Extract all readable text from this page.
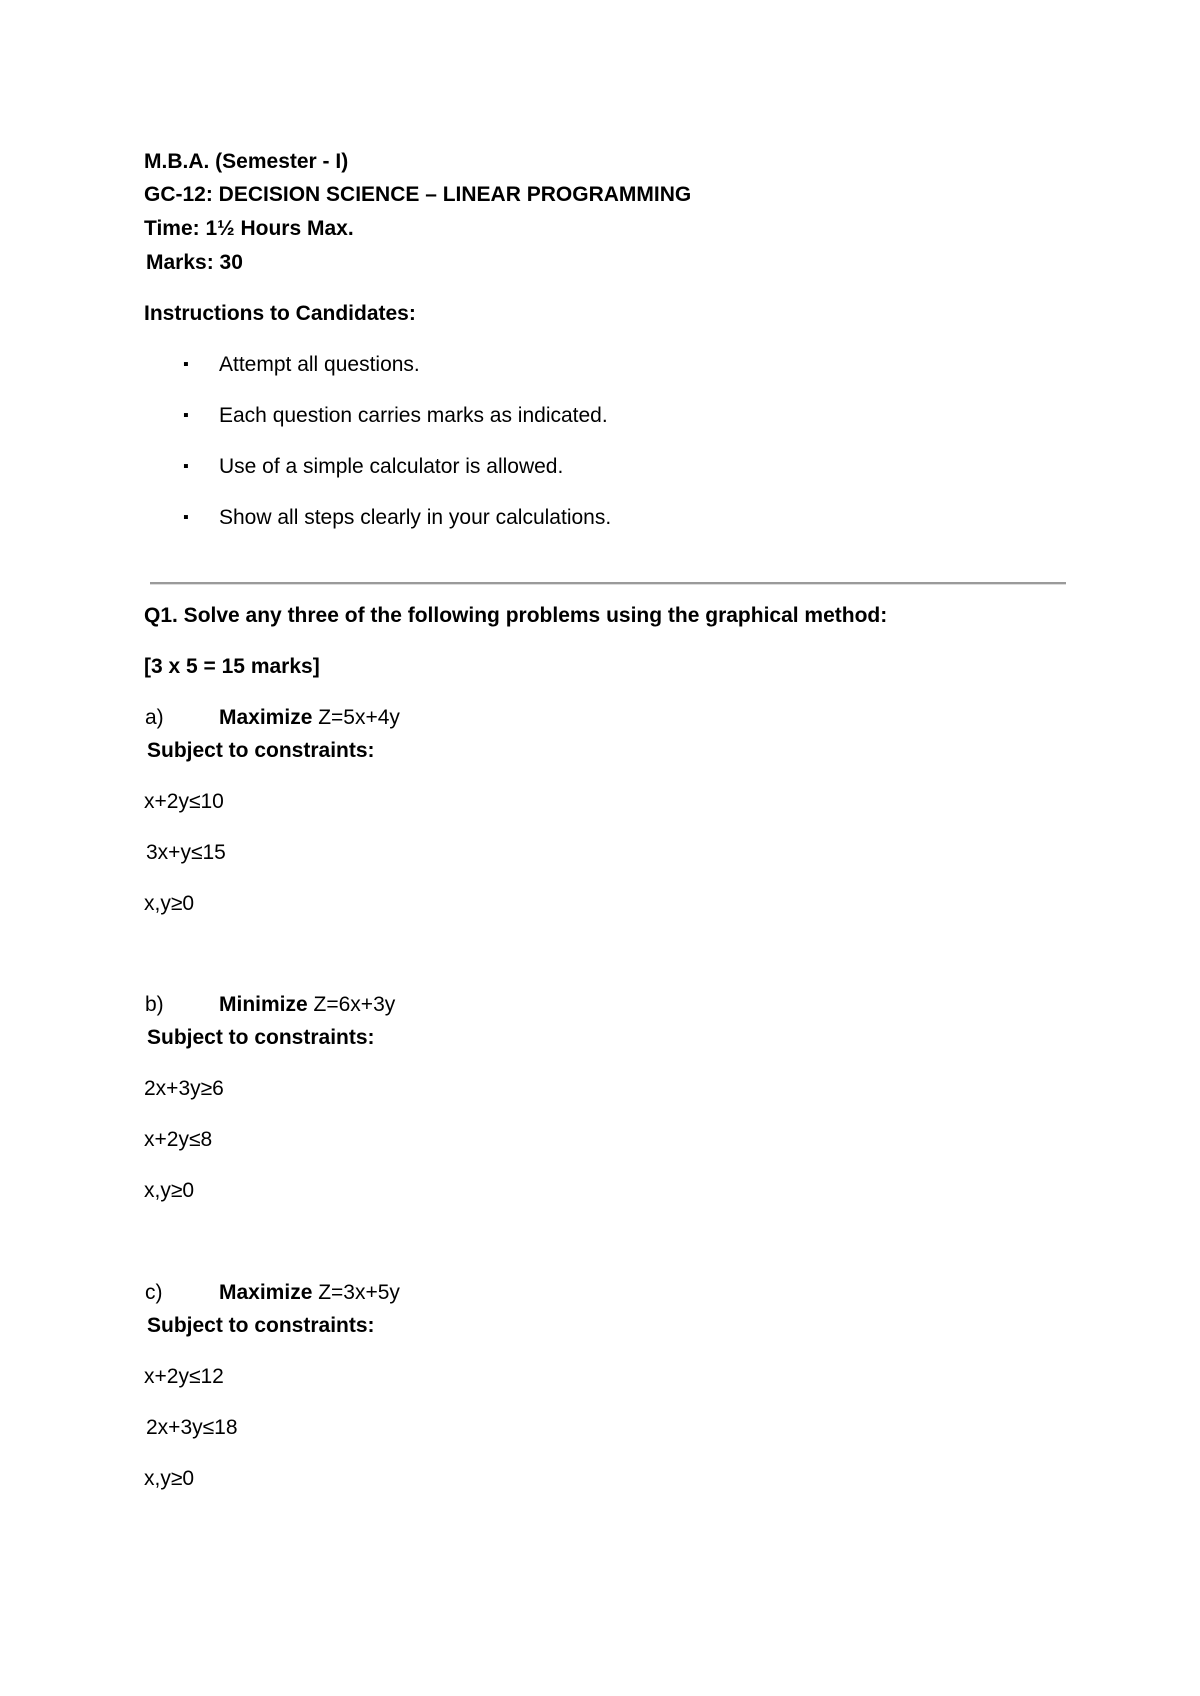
M.B.A. (Semester - I)
GC-12: DECISION SCIENCE – LINEAR PROGRAMMING
Time: 1½ Hours Max.
Marks: 30
Instructions to Candidates:
▪ Attempt all questions.
▪ Each question carries marks as indicated.
▪ Use of a simple calculator is allowed.
▪ Show all steps clearly in your calculations.
Q1. Solve any three of the following problems using the graphical method:
[3 x 5 = 15 marks]
a)	Maximize Z=5x+4y
Subject to constraints:
x+2y≤10
3x+y≤15
x,y≥0
b)	Minimize Z=6x+3y
Subject to constraints:
2x+3y≥6
x+2y≤8
x,y≥0
c)	Maximize Z=3x+5y
Subject to constraints:
x+2y≤12
2x+3y≤18
x,y≥0
